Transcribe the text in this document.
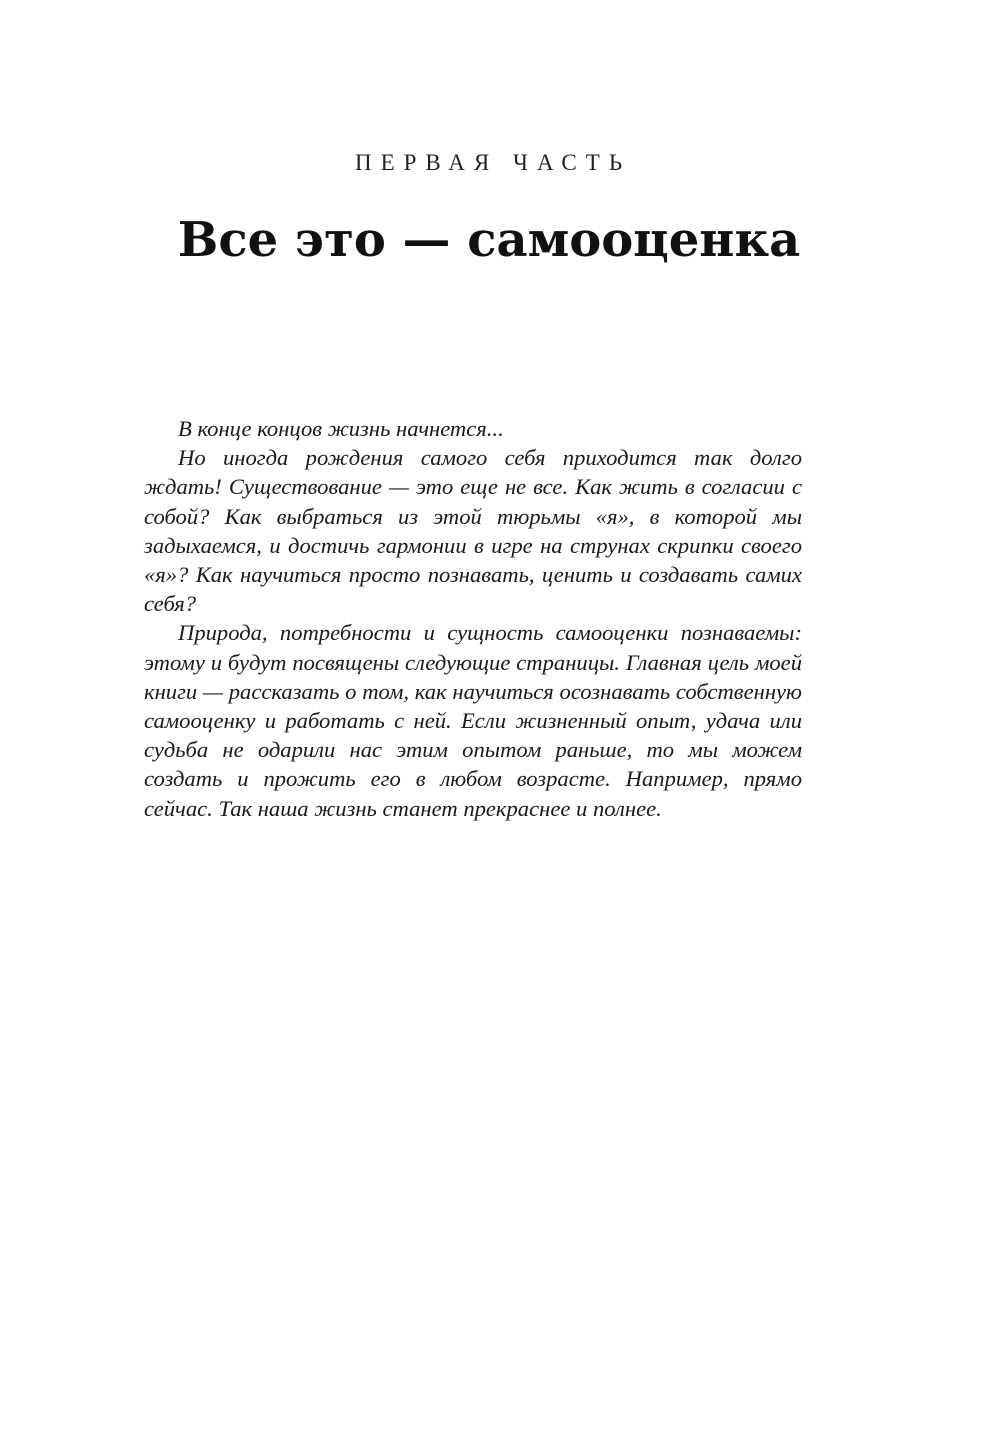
ПЕРВАЯ ЧАСТЬ
Все это — самооценка

В конце концов жизнь начнется...

Но иногда рождения самого себя приходится так долго ждать! Существование — это еще не все. Как жить в согласии с собой? Как выбраться из этой тюрьмы «я», в которой мы задыхаемся, и достичь гармонии в игре на струнах скрипки своего «я»? Как научиться просто познавать, ценить и создавать самих себя?

Природа, потребности и сущность самооценки познаваемы: этому и будут посвящены следующие страницы. Главная цель моей книги — рассказать о том, как научиться осознавать собственную самооценку и работать с ней. Если жизненный опыт, удача или судьба не одарили нас этим опытом раньше, то мы можем создать и прожить его в любом возрасте. Например, прямо сейчас. Так наша жизнь станет прекраснее и полнее.
